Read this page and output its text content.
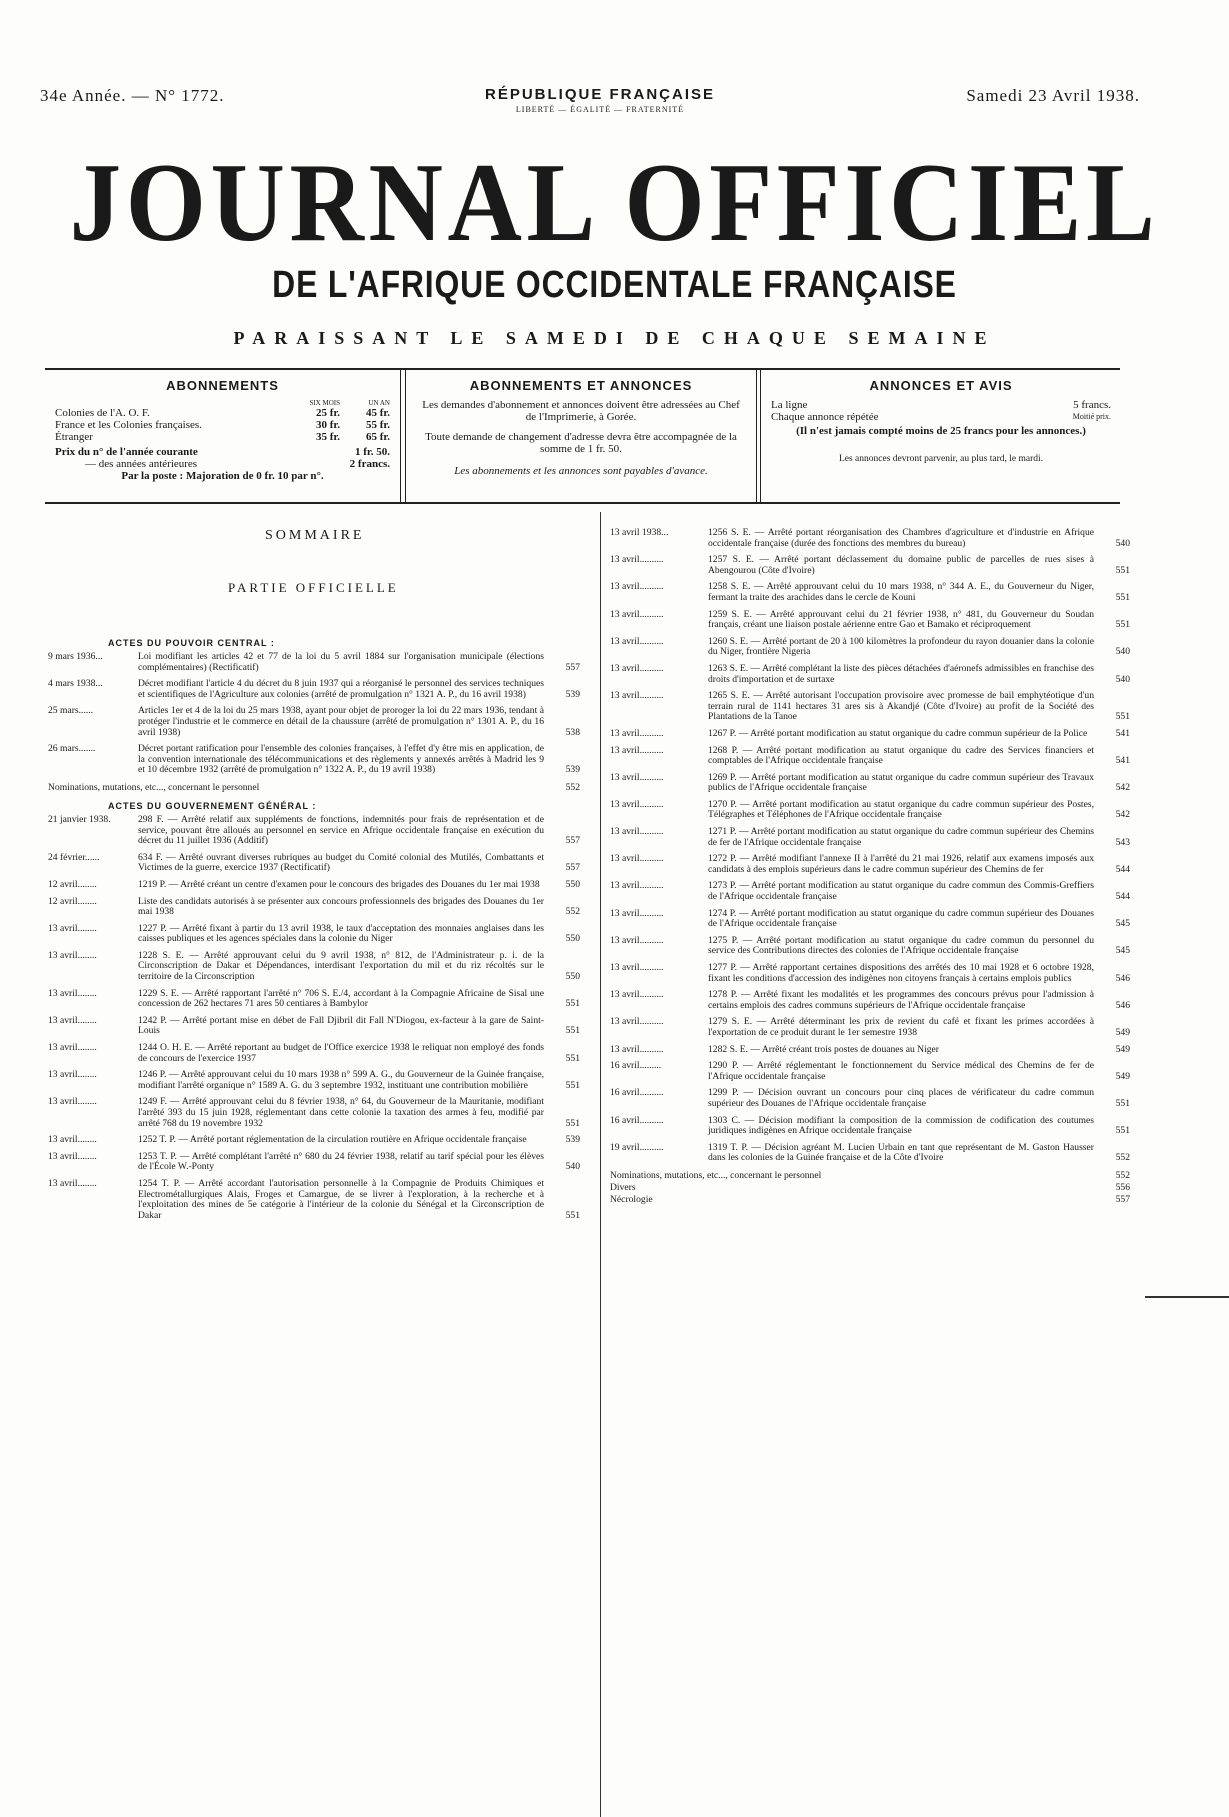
34e Année. — N° 1772.	RÉPUBLIQUE FRANÇAISE
LIBERTÉ — ÉGALITÉ — FRATERNITÉ
Samedi 23 Avril 1938.
JOURNAL OFFICIEL
DE L'AFRIQUE OCCIDENTALE FRANÇAISE
PARAISSANT LE SAMEDI DE CHAQUE SEMAINE
ABONNEMENTS
SIX MOIS	UN AN
Colonies de l'A. O. F.	25 fr.	45 fr.
France et les Colonies françaises.	30 fr.	55 fr.
Étranger	35 fr.	65 fr.
Prix du n° de l'année courante	1 fr. 50.
— des années antérieures	2 francs.
Par la poste : Majoration de 0 fr. 10 par n°.
ABONNEMENTS ET ANNONCES

Les demandes d'abonnement et annonces doivent être adressées au Chef de l'Imprimerie, à Gorée.

Toute demande de changement d'adresse devra être accompagnée de la somme de 1 fr. 50.

Les abonnements et les annonces sont payables d'avance.

ANNONCES ET AVIS
La ligne	5 francs.
Chaque annonce répétée	Moitié prix.

(Il n'est jamais compté moins de 25 francs pour les annonces.)

Les annonces devront parvenir, au plus tard, le mardi.

SOMMAIRE
PARTIE OFFICIELLE
ACTES DU POUVOIR CENTRAL :
9 mars 1936...	Loi modifiant les articles 42 et 77 de la loi du 5 avril 1884 sur l'organisation municipale (élections complémentaires) (Rectificatif)	557
4 mars 1938...	Décret modifiant l'article 4 du décret du 8 juin 1937 qui a réorganisé le personnel des services techniques et scientifiques de l'Agriculture aux colonies (arrêté de promulgation n° 1321 A. P., du 16 avril 1938)	539
25 mars......	Articles 1er et 4 de la loi du 25 mars 1938, ayant pour objet de proroger la loi du 22 mars 1936, tendant à protéger l'industrie et le commerce en détail de la chaussure (arrêté de promulgation n° 1301 A. P., du 16 avril 1938)	538
26 mars.......	Décret portant ratification pour l'ensemble des colonies françaises, à l'effet d'y être mis en application, de la convention internationale des télécommunications et des règlements y annexés arrêtés à Madrid les 9 et 10 décembre 1932 (arrêté de promulgation n° 1322 A. P., du 19 avril 1938)	539
Nominations, mutations, etc..., concernant le personnel	552
ACTES DU GOUVERNEMENT GÉNÉRAL :
21 janvier 1938.	298 F. — Arrêté relatif aux suppléments de fonctions, indemnités pour frais de représentation et de service, pouvant être alloués au personnel en service en Afrique occidentale française en exécution du décret du 11 juillet 1936 (Additif)	557
24 février......	634 F. — Arrêté ouvrant diverses rubriques au budget du Comité colonial des Mutilés, Combattants et Victimes de la guerre, exercice 1937 (Rectificatif)	557
12 avril........	1219 P. — Arrêté créant un centre d'examen pour le concours des brigades des Douanes du 1er mai 1938	550
12 avril........	Liste des candidats autorisés à se présenter aux concours professionnels des brigades des Douanes du 1er mai 1938	552
13 avril........	1227 P. — Arrêté fixant à partir du 13 avril 1938, le taux d'acceptation des monnaies anglaises dans les caisses publiques et les agences spéciales dans la colonie du Niger	550
13 avril........	1228 S. E. — Arrêté approuvant celui du 9 avril 1938, n° 812, de l'Administrateur p. i. de la Circonscription de Dakar et Dépendances, interdisant l'exportation du mil et du riz récoltés sur le territoire de la Circonscription	550
13 avril........	1229 S. E. — Arrêté rapportant l'arrêté n° 706 S. E./4, accordant à la Compagnie Africaine de Sisal une concession de 262 hectares 71 ares 50 centiares à Bambylor	551
13 avril........	1242 P. — Arrêté portant mise en débet de Fall Djibril dit Fall N'Diogou, ex-facteur à la gare de Saint-Louis	551
13 avril........	1244 O. H. E. — Arrêté reportant au budget de l'Office exercice 1938 le reliquat non employé des fonds de concours de l'exercice 1937	551
13 avril........	1246 P. — Arrêté approuvant celui du 10 mars 1938 n° 599 A. G., du Gouverneur de la Guinée française, modifiant l'arrêté organique n° 1589 A. G. du 3 septembre 1932, instituant une contribution mobilière	551
13 avril........	1249 F. — Arrêté approuvant celui du 8 février 1938, n° 64, du Gouverneur de la Mauritanie, modifiant l'arrêté 393 du 15 juin 1928, réglementant dans cette colonie la taxation des armes à feu, modifié par arrêté 768 du 19 novembre 1932	551
13 avril........	1252 T. P. — Arrêté portant réglementation de la circulation routière en Afrique occidentale française	539
13 avril........	1253 T. P. — Arrêté complétant l'arrêté n° 680 du 24 février 1938, relatif au tarif spécial pour les élèves de l'École W.-Ponty	540
13 avril........	1254 T. P. — Arrêté accordant l'autorisation personnelle à la Compagnie de Produits Chimiques et Electrométallurgiques Alais, Froges et Camargue, de se livrer à l'exploration, à la recherche et à l'exploitation des mines de 5e catégorie à l'intérieur de la colonie du Sénégal et la Circonscription de Dakar	551
13 avril 1938...	1256 S. E. — Arrêté portant réorganisation des Chambres d'agriculture et d'industrie en Afrique occidentale française (durée des fonctions des membres du bureau)	540
13 avril..........	1257 S. E. — Arrêté portant déclassement du domaine public de parcelles de rues sises à Abengourou (Côte d'Ivoire)	551
13 avril..........	1258 S. E. — Arrêté approuvant celui du 10 mars 1938, n° 344 A. E., du Gouverneur du Niger, fermant la traite des arachides dans le cercle de Kouni	551
13 avril..........	1259 S. E. — Arrêté approuvant celui du 21 février 1938, n° 481, du Gouverneur du Soudan français, créant une liaison postale aérienne entre Gao et Bamako et réciproquement	551
13 avril..........	1260 S. E. — Arrêté portant de 20 à 100 kilomètres la profondeur du rayon douanier dans la colonie du Niger, frontière Nigeria	540
13 avril..........	1263 S. E. — Arrêté complétant la liste des pièces détachées d'aéronefs admissibles en franchise des droits d'importation et de surtaxe	540
13 avril..........	1265 S. E. — Arrêté autorisant l'occupation provisoire avec promesse de bail emphytéotique d'un terrain rural de 1141 hectares 31 ares sis à Akandjé (Côte d'Ivoire) au profit de la Société des Plantations de la Tanoe	551
13 avril..........	1267 P. — Arrêté portant modification au statut organique du cadre commun supérieur de la Police	541
13 avril..........	1268 P. — Arrêté portant modification au statut organique du cadre des Services financiers et comptables de l'Afrique occidentale française	541
13 avril..........	1269 P. — Arrêté portant modification au statut organique du cadre commun supérieur des Travaux publics de l'Afrique occidentale française	542
13 avril..........	1270 P. — Arrêté portant modification au statut organique du cadre commun supérieur des Postes, Télégraphes et Téléphones de l'Afrique occidentale française	542
13 avril..........	1271 P. — Arrêté portant modification au statut organique du cadre commun supérieur des Chemins de fer de l'Afrique occidentale française	543
13 avril..........	1272 P. — Arrêté modifiant l'annexe II à l'arrêté du 21 mai 1926, relatif aux examens imposés aux candidats à des emplois supérieurs dans le cadre commun supérieur des Chemins de fer	544
13 avril..........	1273 P. — Arrêté portant modification au statut organique du cadre commun des Commis-Greffiers de l'Afrique occidentale française	544
13 avril..........	1274 P. — Arrêté portant modification au statut organique du cadre commun supérieur des Douanes de l'Afrique occidentale française	545
13 avril..........	1275 P. — Arrêté portant modification au statut organique du cadre commun du personnel du service des Contributions directes des colonies de l'Afrique occidentale française	545
13 avril..........	1277 P. — Arrêté rapportant certaines dispositions des arrêtés des 10 mai 1928 et 6 octobre 1928, fixant les conditions d'accession des indigènes non citoyens français à certains emplois publics	546
13 avril..........	1278 P. — Arrêté fixant les modalités et les programmes des concours prévus pour l'admission à certains emplois des cadres communs supérieurs de l'Afrique occidentale française	546
13 avril..........	1279 S. E. — Arrêté déterminant les prix de revient du café et fixant les primes accordées à l'exportation de ce produit durant le 1er semestre 1938	549
13 avril..........	1282 S. E. — Arrêté créant trois postes de douanes au Niger	549
16 avril.........	1290 P. — Arrêté réglementant le fonctionnement du Service médical des Chemins de fer de l'Afrique occidentale française	549
16 avril..........	1299 P. — Décision ouvrant un concours pour cinq places de vérificateur du cadre commun supérieur des Douanes de l'Afrique occidentale française	551
16 avril..........	1303 C. — Décision modifiant la composition de la commission de codification des coutumes juridiques indigènes en Afrique occidentale française	551
19 avril..........	1319 T. P. — Décision agréant M. Lucien Urbain en tant que représentant de M. Gaston Hausser dans les colonies de la Guinée française et de la Côte d'Ivoire	552
Nominations, mutations, etc..., concernant le personnel	552
Divers	556
Nécrologie	557
